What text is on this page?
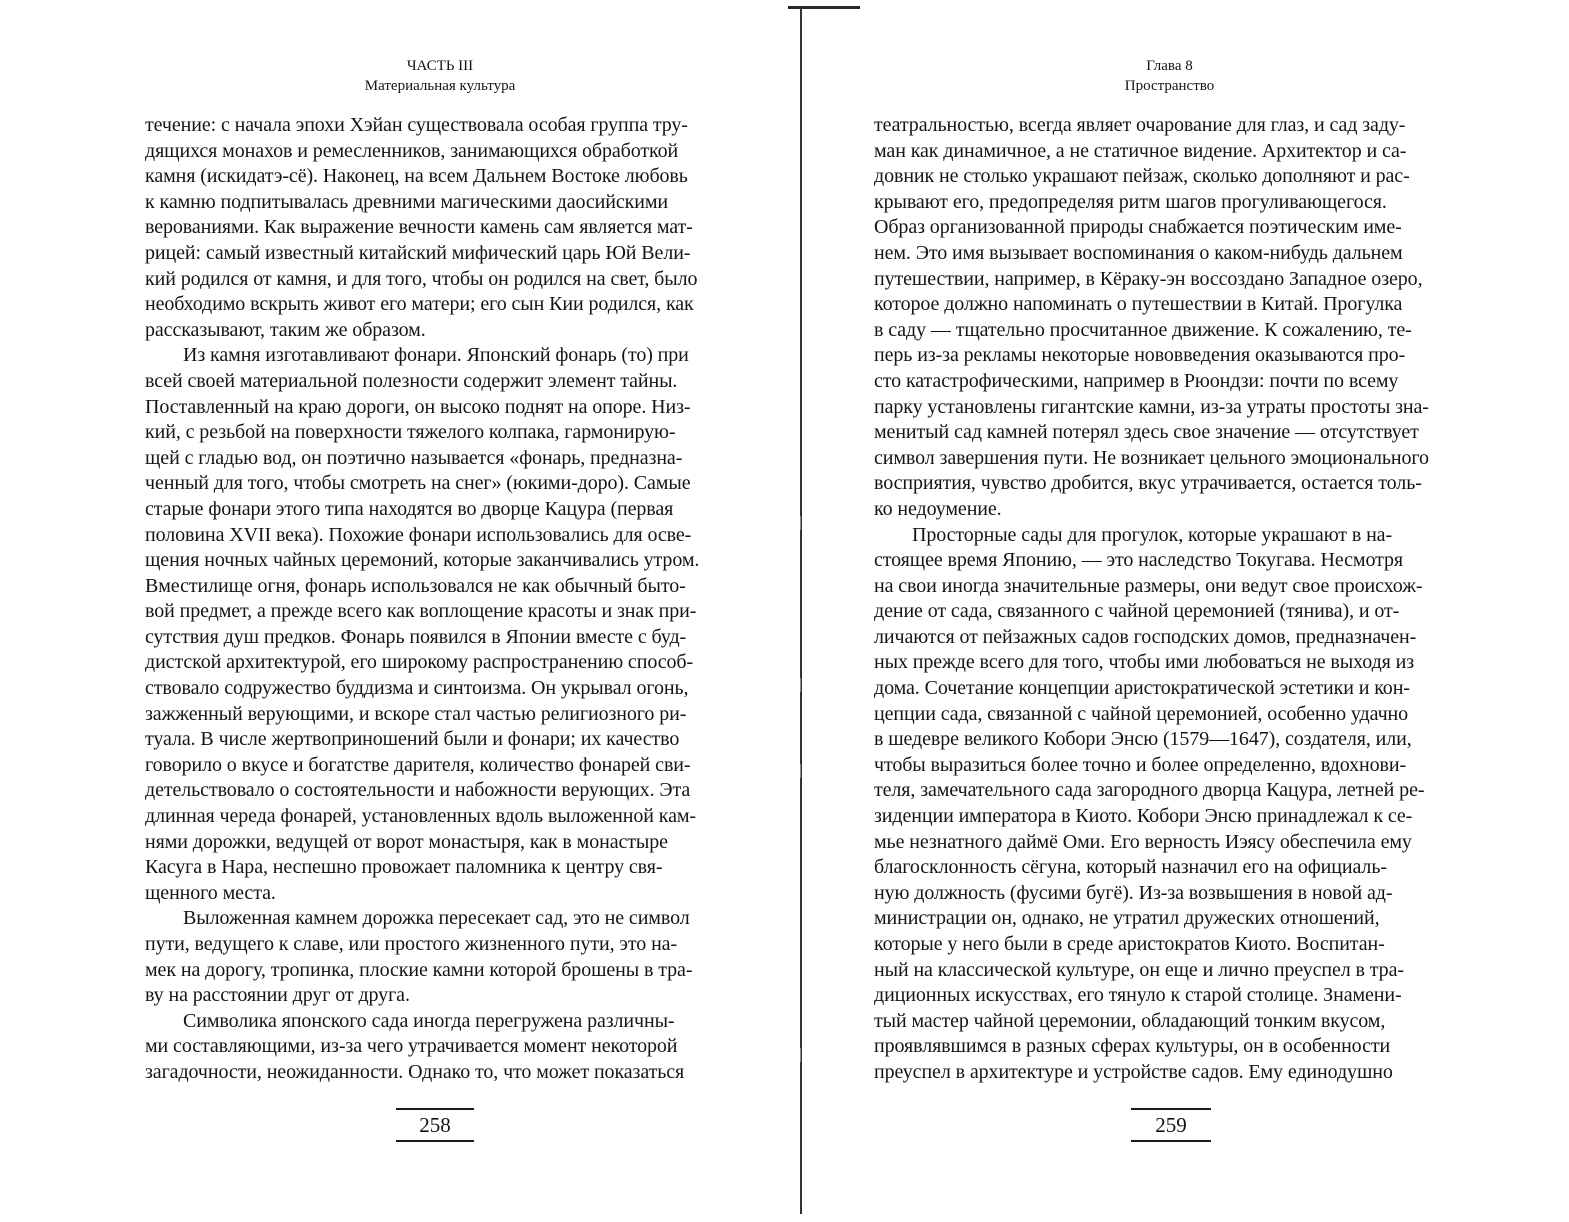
ЧАСТЬ III
Материальная культура
течение: с начала эпохи Хэйан существовала особая группа тру-
дящихся монахов и ремесленников, занимающихся обработкой
камня (искидатэ-сё). Наконец, на всем Дальнем Востоке любовь
к камню подпитывалась древними магическими даосийскими
верованиями. Как выражение вечности камень сам является мат-
рицей: самый известный китайский мифический царь Юй Вели-
кий родился от камня, и для того, чтобы он родился на свет, было
необходимо вскрыть живот его матери; его сын Кии родился, как
рассказывают, таким же образом.
Из камня изготавливают фонари. Японский фонарь (то) при
всей своей материальной полезности содержит элемент тайны.
Поставленный на краю дороги, он высоко поднят на опоре. Низ-
кий, с резьбой на поверхности тяжелого колпака, гармонирую-
щей с гладью вод, он поэтично называется «фонарь, предназна-
ченный для того, чтобы смотреть на снег» (юкими-доро). Самые
старые фонари этого типа находятся во дворце Кацура (первая
половина XVII века). Похожие фонари использовались для осве-
щения ночных чайных церемоний, которые заканчивались утром.
Вместилище огня, фонарь использовался не как обычный быто-
вой предмет, а прежде всего как воплощение красоты и знак при-
сутствия душ предков. Фонарь появился в Японии вместе с буд-
дистской архитектурой, его широкому распространению способ-
ствовало содружество буддизма и синтоизма. Он укрывал огонь,
зажженный верующими, и вскоре стал частью религиозного ри-
туала. В числе жертвоприношений были и фонари; их качество
говорило о вкусе и богатстве дарителя, количество фонарей сви-
детельствовало о состоятельности и набожности верующих. Эта
длинная череда фонарей, установленных вдоль выложенной кам-
нями дорожки, ведущей от ворот монастыря, как в монастыре
Касуга в Нара, неспешно провожает паломника к центру свя-
щенного места.
Выложенная камнем дорожка пересекает сад, это не символ
пути, ведущего к славе, или простого жизненного пути, это на-
мек на дорогу, тропинка, плоские камни которой брошены в тра-
ву на расстоянии друг от друга.
Символика японского сада иногда перегружена различны-
ми составляющими, из-за чего утрачивается момент некоторой
загадочности, неожиданности. Однако то, что может показаться
258
Глава 8
Пространство
театральностью, всегда являет очарование для глаз, и сад заду-
ман как динамичное, а не статичное видение. Архитектор и са-
довник не столько украшают пейзаж, сколько дополняют и рас-
крывают его, предопределяя ритм шагов прогуливающегося.
Образ организованной природы снабжается поэтическим име-
нем. Это имя вызывает воспоминания о каком-нибудь дальнем
путешествии, например, в Кёраку-эн воссоздано Западное озеро,
которое должно напоминать о путешествии в Китай. Прогулка
в саду — тщательно просчитанное движение. К сожалению, те-
перь из-за рекламы некоторые нововведения оказываются про-
сто катастрофическими, например в Рюондзи: почти по всему
парку установлены гигантские камни, из-за утраты простоты зна-
менитый сад камней потерял здесь свое значение — отсутствует
символ завершения пути. Не возникает цельного эмоционального
восприятия, чувство дробится, вкус утрачивается, остается толь-
ко недоумение.
Просторные сады для прогулок, которые украшают в на-
стоящее время Японию, — это наследство Токугава. Несмотря
на свои иногда значительные размеры, они ведут свое происхож-
дение от сада, связанного с чайной церемонией (тянива), и от-
личаются от пейзажных садов господских домов, предназначен-
ных прежде всего для того, чтобы ими любоваться не выходя из
дома. Сочетание концепции аристократической эстетики и кон-
цепции сада, связанной с чайной церемонией, особенно удачно
в шедевре великого Кобори Энсю (1579—1647), создателя, или,
чтобы выразиться более точно и более определенно, вдохнови-
теля, замечательного сада загородного дворца Кацура, летней ре-
зиденции императора в Киото. Кобори Энсю принадлежал к се-
мье незнатного даймё Оми. Его верность Иэясу обеспечила ему
благосклонность сёгуна, который назначил его на официаль-
ную должность (фусими бугё). Из-за возвышения в новой ад-
министрации он, однако, не утратил дружеских отношений,
которые у него были в среде аристократов Киото. Воспитан-
ный на классической культуре, он еще и лично преуспел в тра-
диционных искусствах, его тянуло к старой столице. Знамени-
тый мастер чайной церемонии, обладающий тонким вкусом,
проявлявшимся в разных сферах культуры, он в особенности
преуспел в архитектуре и устройстве садов. Ему единодушно
259
